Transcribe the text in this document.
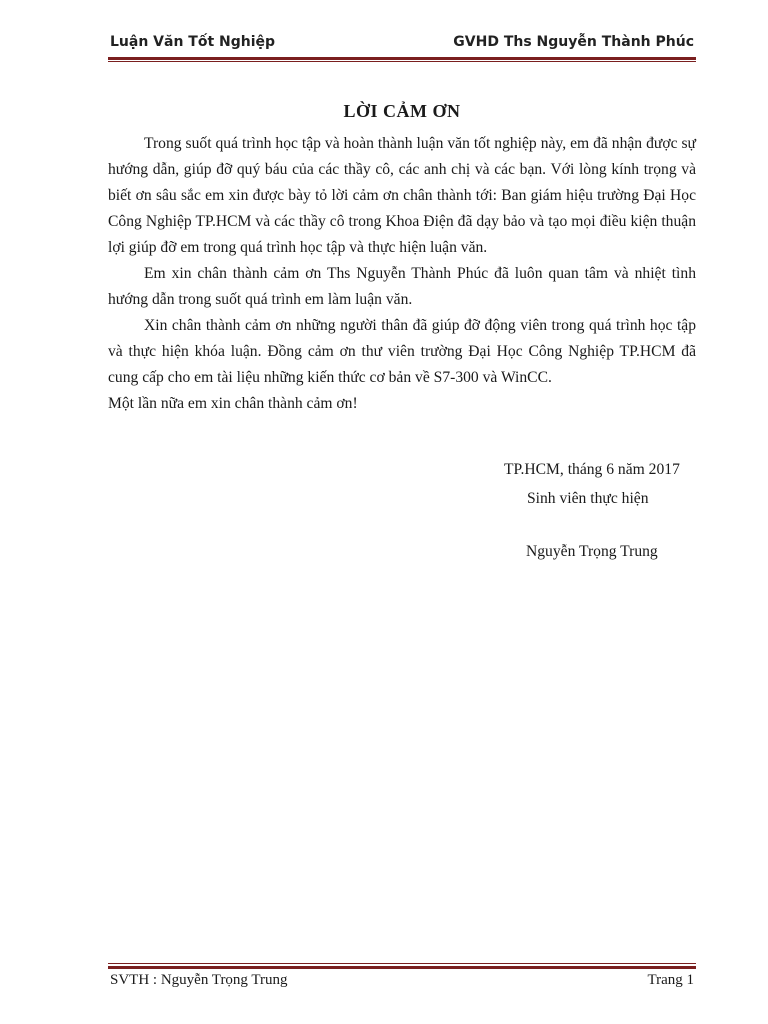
Luận Văn Tốt Nghiệp	GVHD Ths Nguyễn Thành Phúc
LỜI CẢM ƠN

Trong suốt quá trình học tập và hoàn thành luận văn tốt nghiệp này, em đã nhận được sự hướng dẫn, giúp đỡ quý báu của các thầy cô, các anh chị và các bạn. Với lòng kính trọng và biết ơn sâu sắc em xin được bày tỏ lời cảm ơn chân thành tới: Ban giám hiệu trường Đại Học Công Nghiệp TP.HCM và các thầy cô trong Khoa Điện đã dạy bảo và tạo mọi điều kiện thuận lợi giúp đỡ em trong quá trình học tập và thực hiện luận văn.

Em xin chân thành cảm ơn Ths Nguyễn Thành Phúc đã luôn quan tâm và nhiệt tình hướng dẫn trong suốt quá trình em làm luận văn.

Xin chân thành cảm ơn những người thân đã giúp đỡ động viên trong quá trình học tập và thực hiện khóa luận. Đồng cảm ơn thư viên trường Đại Học Công Nghiệp TP.HCM đã cung cấp cho em tài liệu những kiến thức cơ bản về S7-300 và WinCC.

Một lần nữa em xin chân thành cảm ơn!

TP.HCM, tháng 6 năm 2017
Sinh viên thực hiện
Nguyễn Trọng Trung
SVTH : Nguyễn Trọng Trung	Trang 1
